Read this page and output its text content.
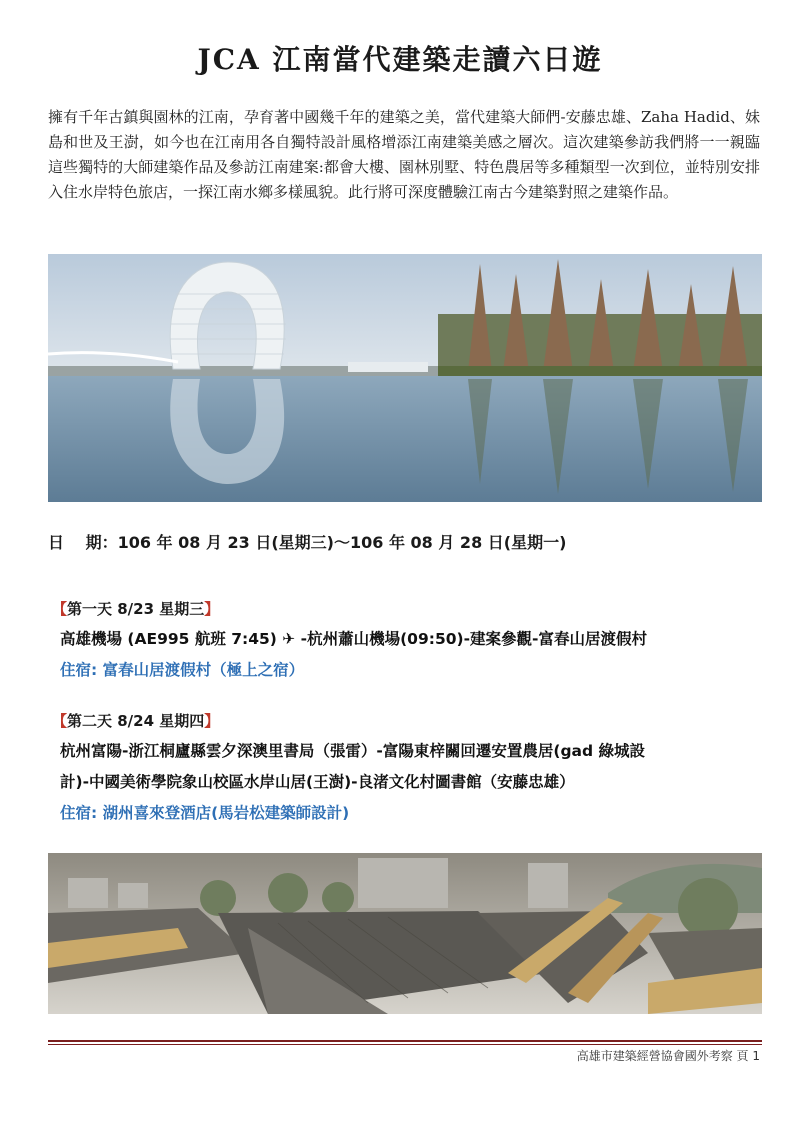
JCA 江南當代建築走讀六日遊
擁有千年古鎮與園林的江南，孕育著中國幾千年的建築之美，當代建築大師們-安藤忠雄、Zaha Hadid、妹島和世及王澍，如今也在江南用各自獨特設計風格增添江南建築美感之層次。這次建築參訪我們將一一親臨這些獨特的大師建築作品及參訪江南建案:都會大樓、園林別墅、特色農居等多種類型一次到位，並特別安排入住水岸特色旅店，一探江南水鄉多樣風貌。此行將可深度體驗江南古今建築對照之建築作品。
日　 期：106 年 08 月 23 日(星期三)～106 年 08 月 28 日(星期一)
【第一天 8/23 星期三】
高雄機場 (AE995 航班 7:45) ✈ -杭州蕭山機場(09:50)-建案參觀-富春山居渡假村
住宿: 富春山居渡假村（極上之宿）
【第二天 8/24 星期四】
杭州富陽-浙江桐廬縣雲夕深澳里書局（張雷）-富陽東梓關回遷安置農居(gad 綠城設
計)-中國美術學院象山校區水岸山居(王澍)-良渚文化村圖書館（安藤忠雄）
住宿: 湖州喜來登酒店(馬岩松建築師設計)
高雄市建築經營協會國外考察 頁 1
